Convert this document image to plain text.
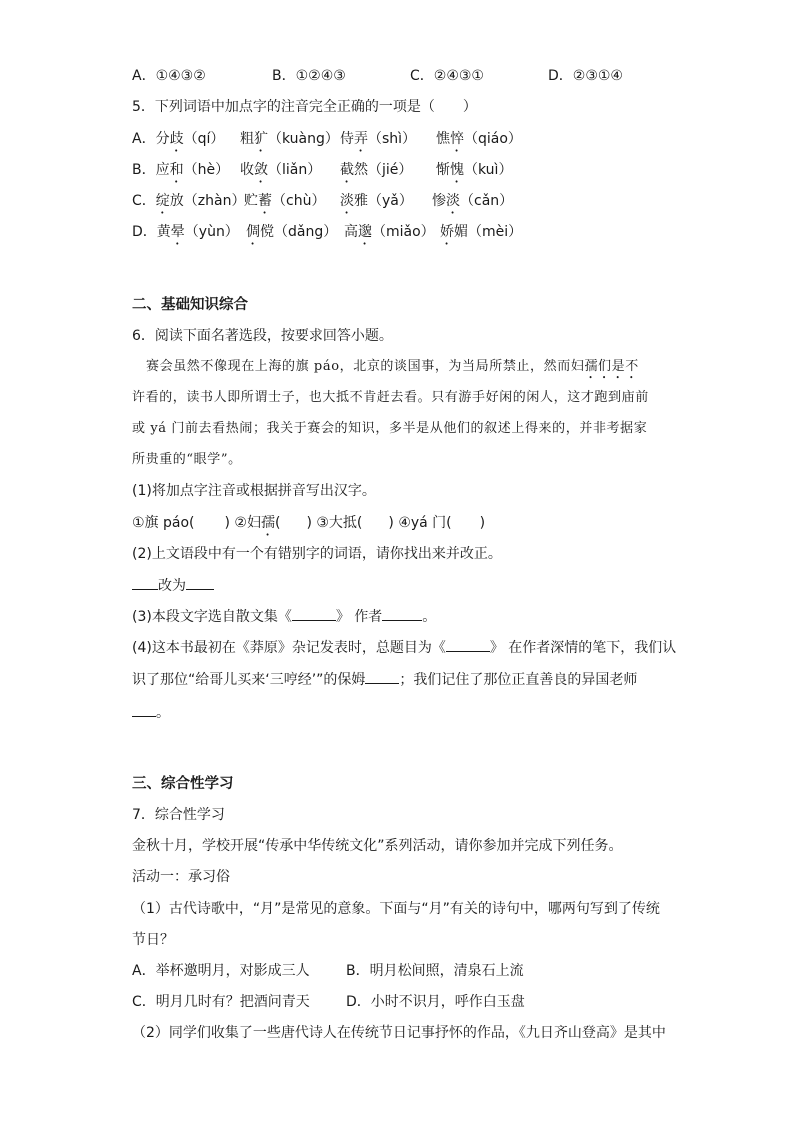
A．①④③②	B．①②④③	C．②④③①	D．②③①④
5．下列词语中加点字的注音完全正确的一项是（　　）
A．分歧（qí） 粗犷（kuàng）侍弄（shì） 憔悴（qiáo）
B．应和（hè） 收敛（liǎn） 截然（jié） 惭愧（kuì）
C．绽放（zhàn）贮蓄（chù） 淡雅（yǎ） 惨淡（cǎn）
D．黄晕（yùn） 倜傥（dǎng） 高邈（miǎo） 娇媚（mèi）
二、基础知识综合
6．阅读下面名著选段，按要求回答小题。
赛会虽然不像现在上海的旗 páo，北京的谈国事，为当局所禁止，然而妇孺们是不
许看的，读书人即所谓士子，也大抵不肯赶去看。只有游手好闲的闲人，这才跑到庙前
或 yá 门前去看热闹；我关于赛会的知识，多半是从他们的叙述上得来的，并非考据家
所贵重的“眼学”。
(1)将加点字注音或根据拼音写出汉字。
①旗 páo( ) ②妇孺( ) ③大抵( ) ④yá 门( )
(2)上文语段中有一个有错别字的词语，请你找出来并改正。
改为
(3)本段文字选自散文集《	》 作者	。
(4)这本书最初在《莽原》杂记发表时，总题目为《	》 在作者深情的笔下，我们认
识了那位“给哥儿买来‘三哼经’”的保姆 ；我们记住了那位正直善良的异国老师
。
三、综合性学习
7．综合性学习
金秋十月，学校开展“传承中华传统文化”系列活动，请你参加并完成下列任务。
活动一：承习俗
（1）古代诗歌中，“月”是常见的意象。下面与“月”有关的诗句中，哪两句写到了传统
节日？
A．举杯邀明月，对影成三人	B．明月松间照，清泉石上流
C．明月几时有？把酒问青天	D．小时不识月，呼作白玉盘
（2）同学们收集了一些唐代诗人在传统节日记事抒怀的作品，《九日齐山登高》是其中
